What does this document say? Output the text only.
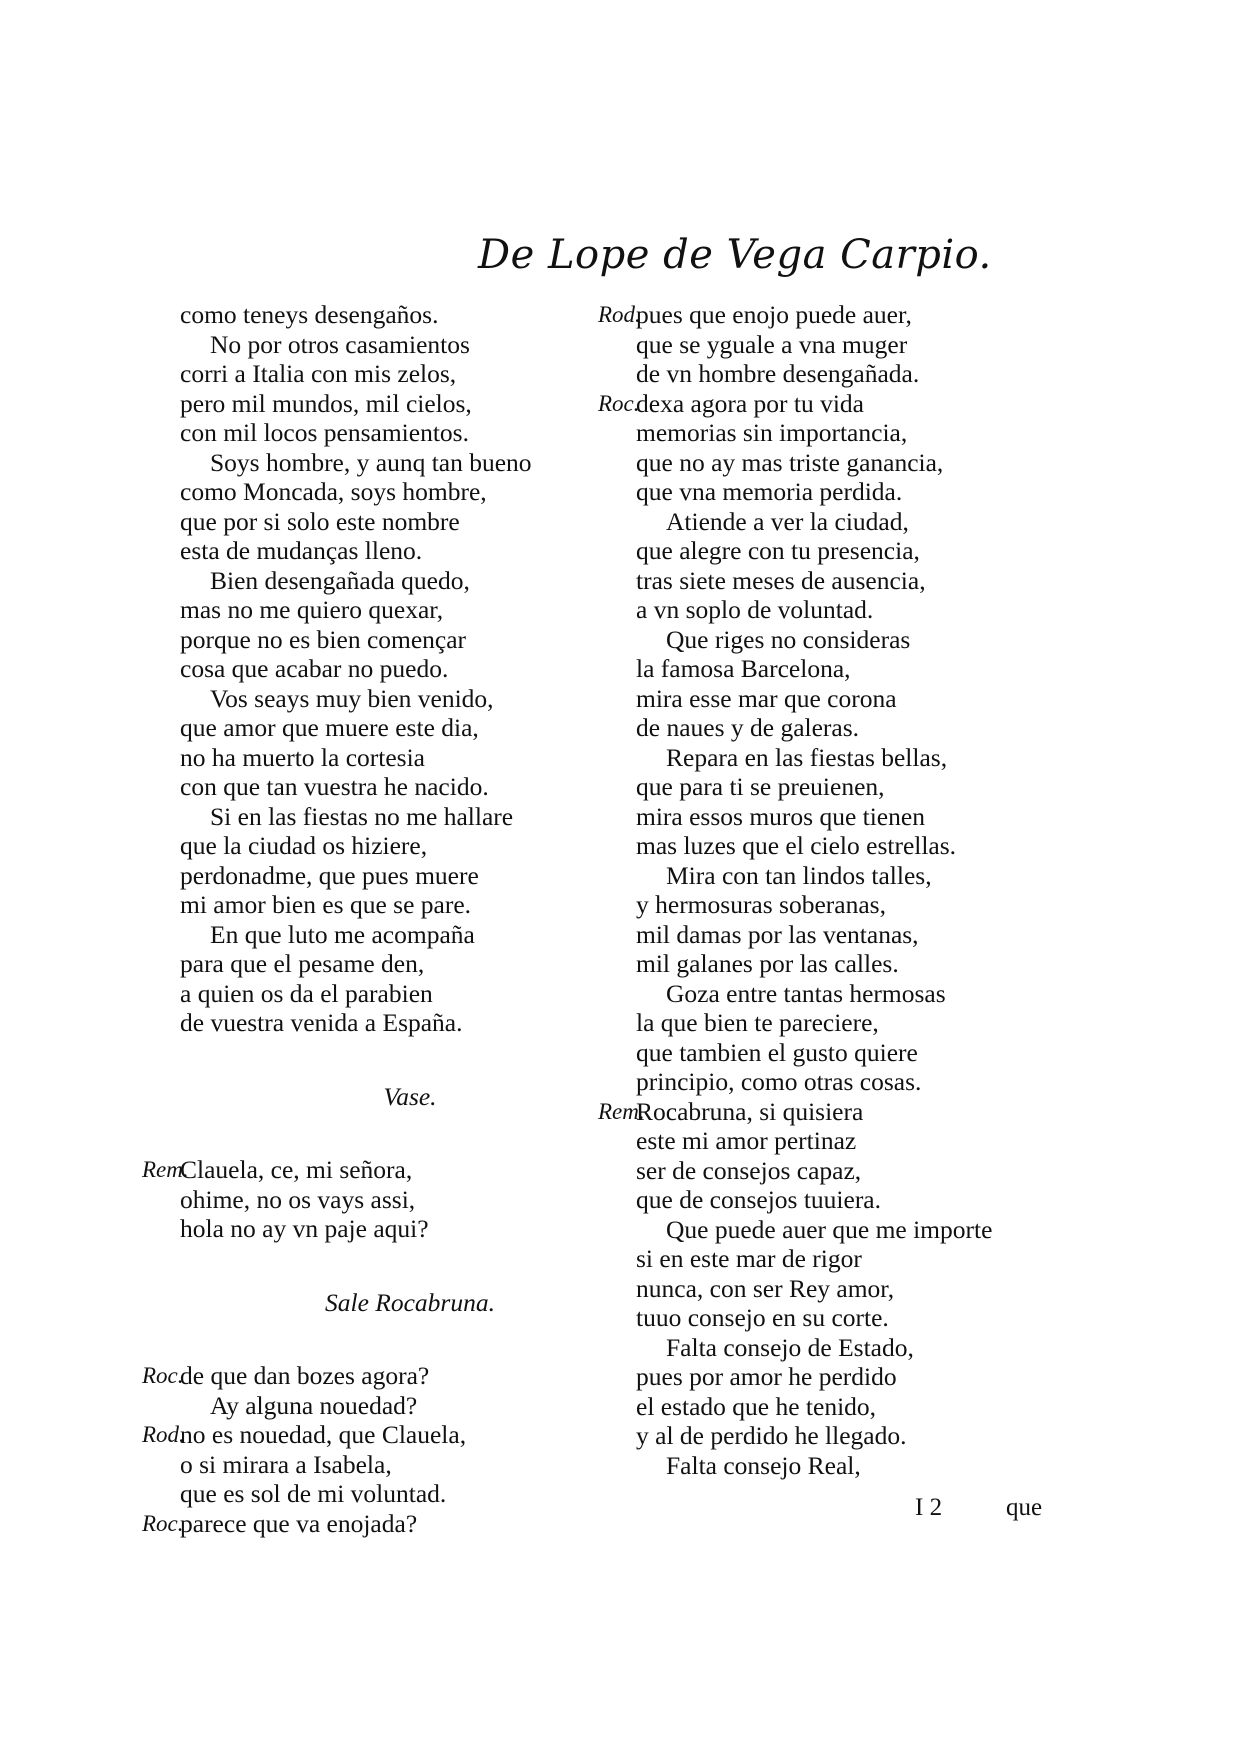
De Lope de Vega Carpio.
como teneys desengaños.
No por otros casamientos
corri a Italia con mis zelos,
pero mil mundos, mil cielos,
con mil locos pensamientos.
Soys hombre, y aunq tan bueno
como Moncada, soys hombre,
que por si solo este nombre
esta de mudanças lleno.
Bien desengañada quedo,
mas no me quiero quexar,
porque no es bien començar
cosa que acabar no puedo.
Vos seays muy bien venido,
que amor que muere este dia,
no ha muerto la cortesia
con que tan vuestra he nacido.
Si en las fiestas no me hallare
que la ciudad os hiziere,
perdonadme, que pues muere
mi amor bien es que se pare.
En que luto me acompaña
para que el pesame den,
a quien os da el parabien
de vuestra venida a España.
Vase.
Rem.
Clauela, ce, mi señora,
ohime, no os vays assi,
hola no ay vn paje aqui?
Sale Rocabruna.
Roc.
de que dan bozes agora?
Ay alguna nouedad?
Rod.
no es nouedad, que Clauela,
o si mirara a Isabela,
que es sol de mi voluntad.
Roc.
parece que va enojada?
Rod.
pues que enojo puede auer,
que se yguale a vna muger
de vn hombre desengañada.
Roc.
dexa agora por tu vida
memorias sin importancia,
que no ay mas triste ganancia,
que vna memoria perdida.
Atiende a ver la ciudad,
que alegre con tu presencia,
tras siete meses de ausencia,
a vn soplo de voluntad.
Que riges no consideras
la famosa Barcelona,
mira esse mar que corona
de naues y de galeras.
Repara en las fiestas bellas,
que para ti se preuienen,
mira essos muros que tienen
mas luzes que el cielo estrellas.
Mira con tan lindos talles,
y hermosuras soberanas,
mil damas por las ventanas,
mil galanes por las calles.
Goza entre tantas hermosas
la que bien te pareciere,
que tambien el gusto quiere
principio, como otras cosas.
Rem.
Rocabruna, si quisiera
este mi amor pertinaz
ser de consejos capaz,
que de consejos tuuiera.
Que puede auer que me importe
si en este mar de rigor
nunca, con ser Rey amor,
tuuo consejo en su corte.
Falta consejo de Estado,
pues por amor he perdido
el estado que he tenido,
y al de perdido he llegado.
Falta consejo Real,
I 2	que
